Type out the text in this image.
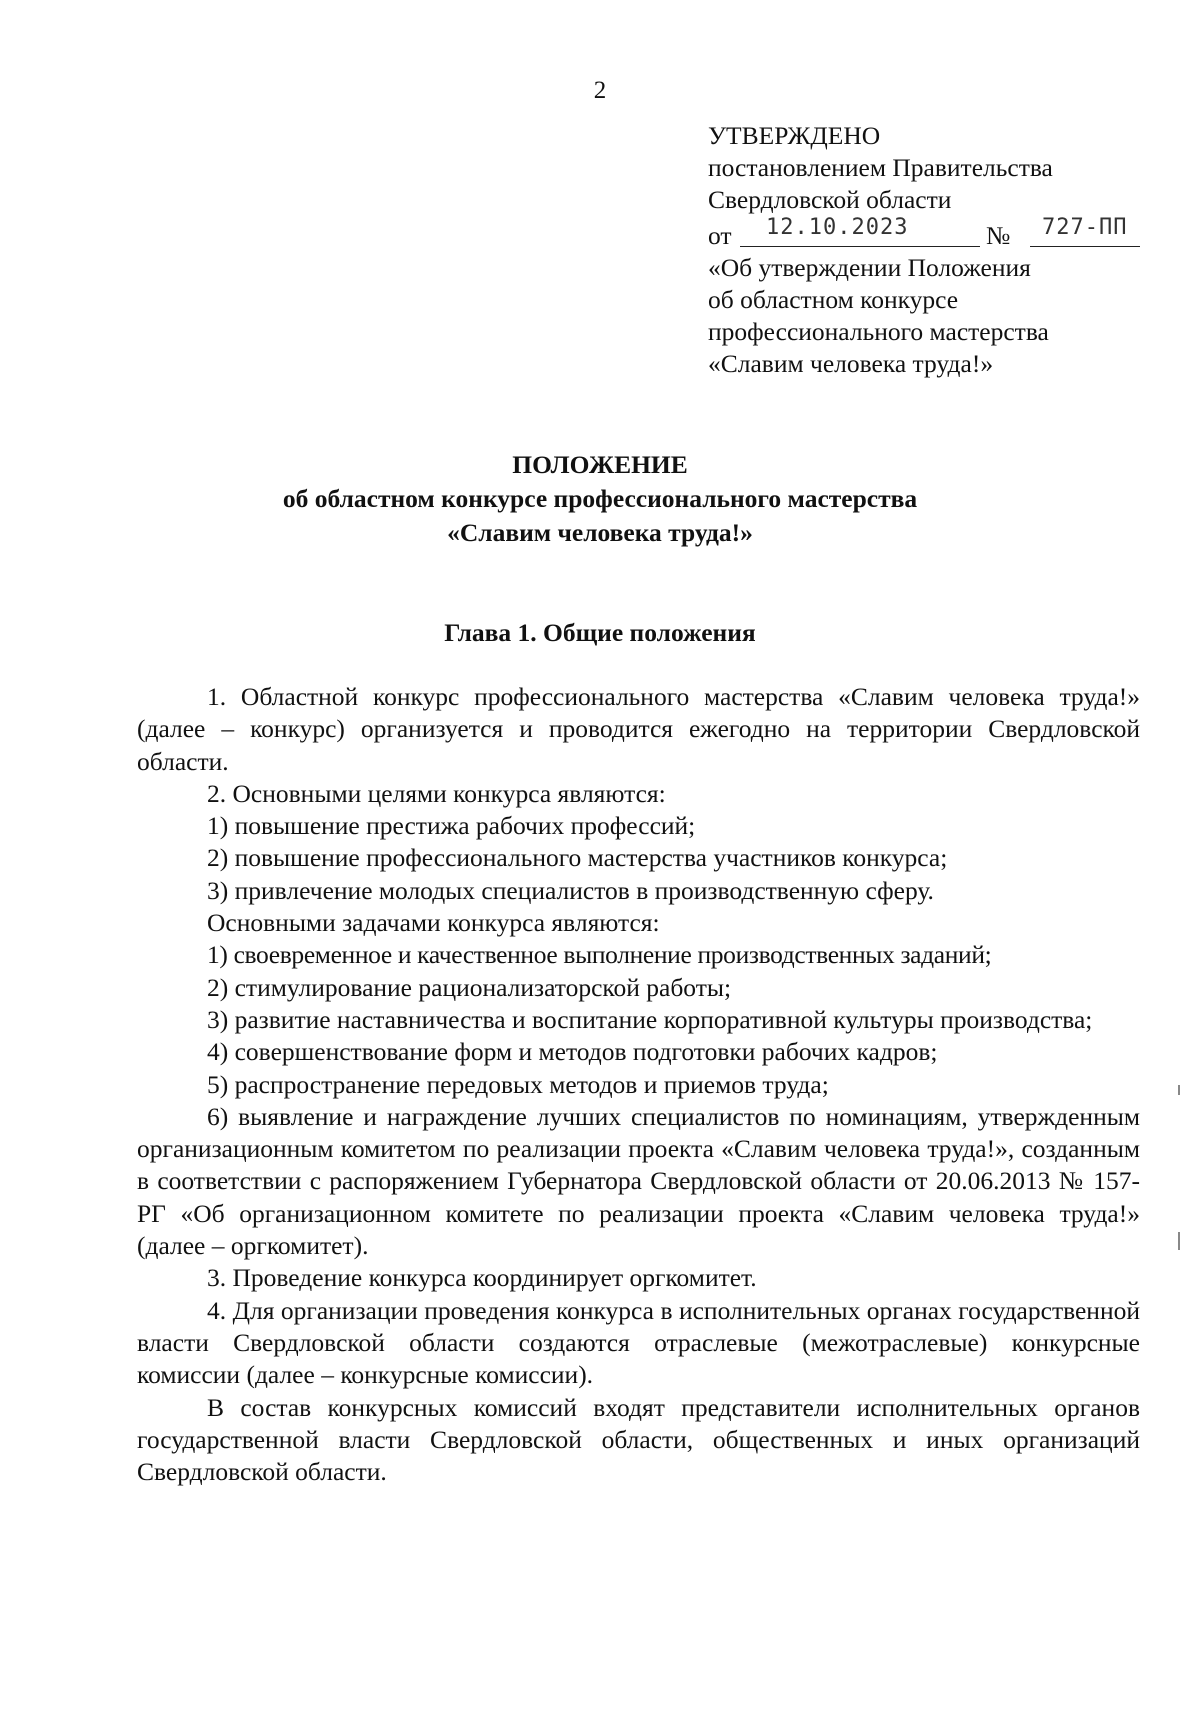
2
УТВЕРЖДЕНО
постановлением Правительства
Свердловской области
от 12.10.2023	№ 727-ПП
«Об утверждении Положения
об областном конкурсе
профессионального мастерства
«Славим человека труда!»
ПОЛОЖЕНИЕ
об областном конкурсе профессионального мастерства
«Славим человека труда!»
Глава 1. Общие положения

1. Областной конкурс профессионального мастерства «Славим человека труда!» (далее – конкурс) организуется и проводится ежегодно на территории Свердловской области.

2. Основными целями конкурса являются:

1) повышение престижа рабочих профессий;

2) повышение профессионального мастерства участников конкурса;

3) привлечение молодых специалистов в производственную сферу.

Основными задачами конкурса являются:

1) своевременное и качественное выполнение производственных заданий;

2) стимулирование рационализаторской работы;

3) развитие наставничества и воспитание корпоративной культуры производства;

4) совершенствование форм и методов подготовки рабочих кадров;

5) распространение передовых методов и приемов труда;

6) выявление и награждение лучших специалистов по номинациям, утвержденным организационным комитетом по реализации проекта «Славим человека труда!», созданным в соответствии с распоряжением Губернатора Свердловской области от 20.06.2013 № 157-РГ «Об организационном комитете по реализации проекта «Славим человека труда!» (далее – оргкомитет).

3. Проведение конкурса координирует оргкомитет.

4. Для организации проведения конкурса в исполнительных органах государственной власти Свердловской области создаются отраслевые (межотраслевые) конкурсные комиссии (далее – конкурсные комиссии).

В состав конкурсных комиссий входят представители исполнительных органов государственной власти Свердловской области, общественных и иных организаций Свердловской области.
